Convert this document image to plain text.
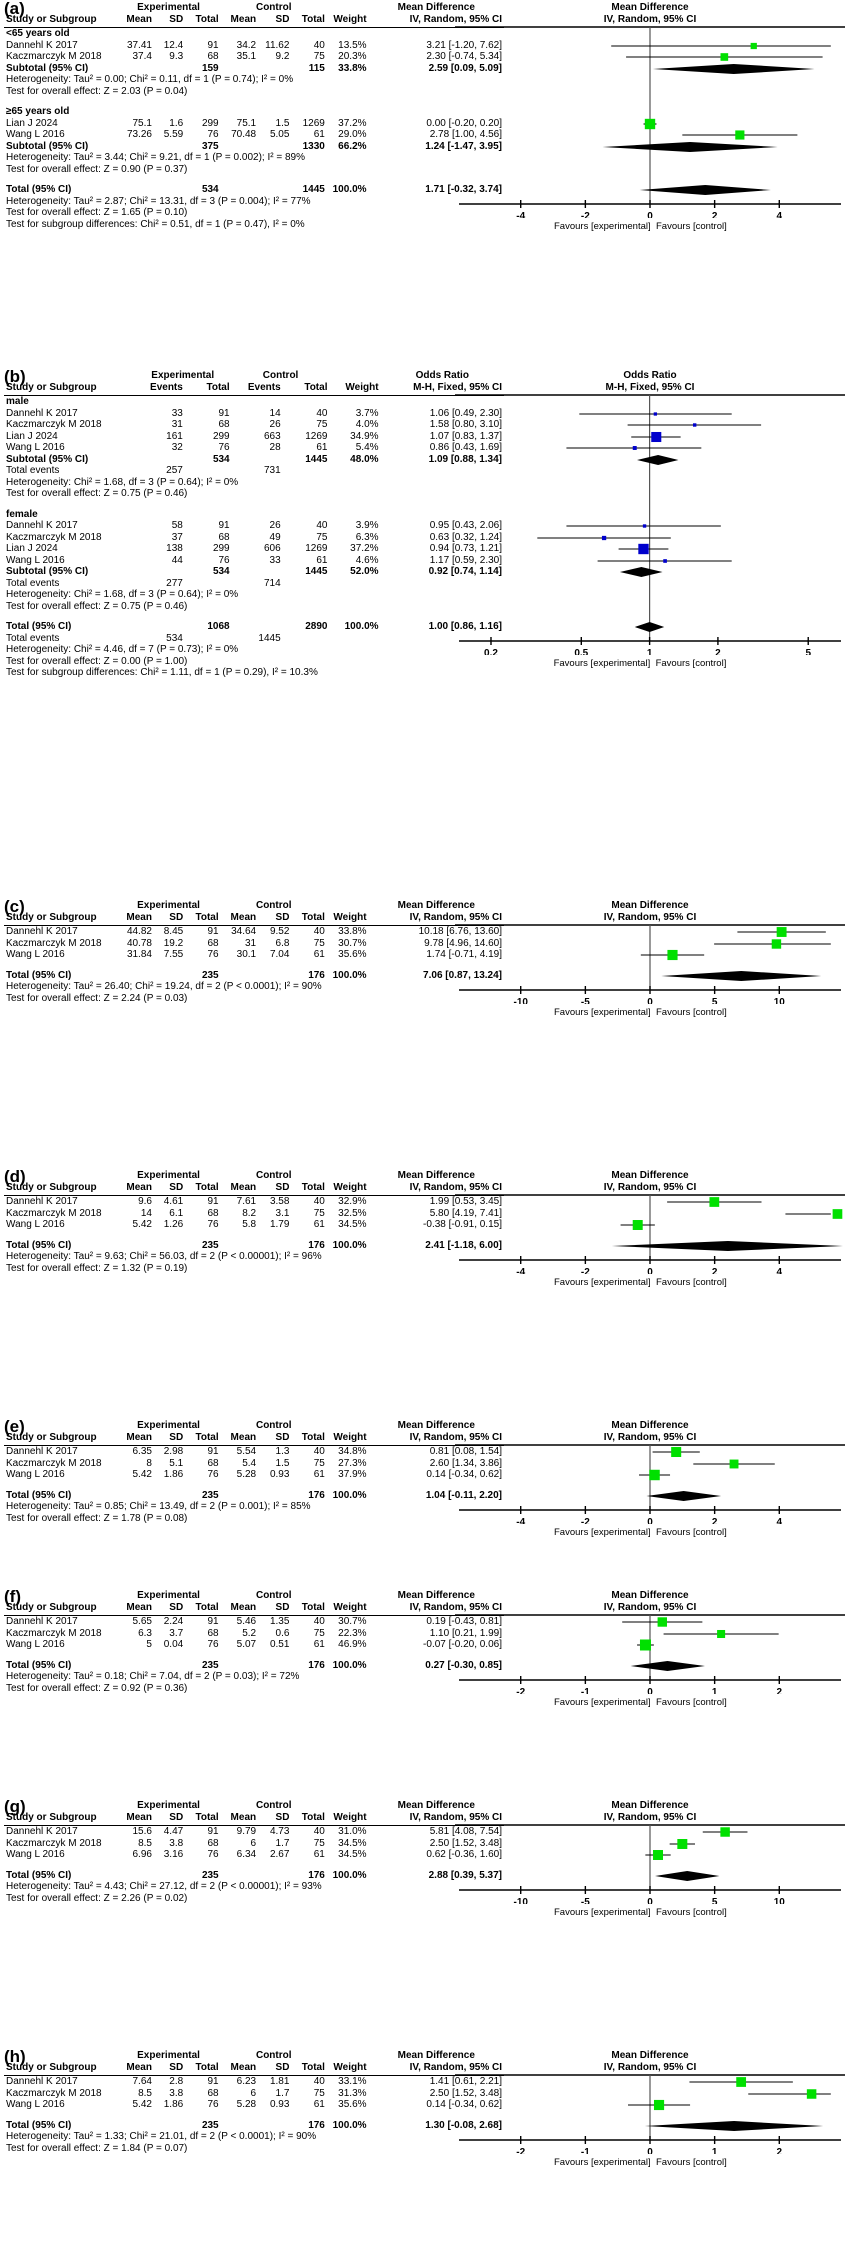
(a)
		Experimental			Control				Mean Difference
Study or Subgroup	Mean	SD	Total	Mean	SD	Total	Weight	IV, Random, 95% CI

<65 years old								
Dannehl K 2017	37.41	12.4	91	34.2	11.62	40	13.5%	3.21 [-1.20, 7.62]
Kaczmarczyk M 2018	37.4	9.3	68	35.1	9.2	75	20.3%	2.30 [-0.74, 5.34]
Subtotal (95% CI)			159			115	33.8%	2.59 [0.09, 5.09]
Heterogeneity: Tau² = 0.00; Chi² = 0.11, df = 1 (P = 0.74); I² = 0%								
Test for overall effect: Z = 2.03 (P = 0.04)								

≥65 years old								
Lian J 2024	75.1	1.6	299	75.1	1.5	1269	37.2%	0.00 [-0.20, 0.20]
Wang L 2016	73.26	5.59	76	70.48	5.05	61	29.0%	2.78 [1.00, 4.56]
Subtotal (95% CI)			375			1330	66.2%	1.24 [-1.47, 3.95]
Heterogeneity: Tau² = 3.44; Chi² = 9.21, df = 1 (P = 0.002); I² = 89%								
Test for overall effect: Z = 0.90 (P = 0.37)								

Total (95% CI)			534			1445	100.0%	1.71 [-0.32, 3.74]
Heterogeneity: Tau² = 2.87; Chi² = 13.31, df = 3 (P = 0.004); I² = 77%								
Test for overall effect: Z = 1.65 (P = 0.10)								
Test for subgroup differences: Chi² = 0.51, df = 1 (P = 0.47), I² = 0%								
Mean Difference
IV, Random, 95% CI
-4	-2	0	2	4
Favours [experimental] Favours [control]
(b)
		Experimental		Control			Odds Ratio
Study or Subgroup	Events	Total	Events	Total	Weight	M-H, Fixed, 95% CI

male						
Dannehl K 2017	33	91	14	40	3.7%	1.06 [0.49, 2.30]
Kaczmarczyk M 2018	31	68	26	75	4.0%	1.58 [0.80, 3.10]
Lian J 2024	161	299	663	1269	34.9%	1.07 [0.83, 1.37]
Wang L 2016	32	76	28	61	5.4%	0.86 [0.43, 1.69]
Subtotal (95% CI)		534		1445	48.0%	1.09 [0.88, 1.34]
Total events	257		731			
Heterogeneity: Chi² = 1.68, df = 3 (P = 0.64); I² = 0%						
Test for overall effect: Z = 0.75 (P = 0.46)						

female						
Dannehl K 2017	58	91	26	40	3.9%	0.95 [0.43, 2.06]
Kaczmarczyk M 2018	37	68	49	75	6.3%	0.63 [0.32, 1.24]
Lian J 2024	138	299	606	1269	37.2%	0.94 [0.73, 1.21]
Wang L 2016	44	76	33	61	4.6%	1.17 [0.59, 2.30]
Subtotal (95% CI)		534		1445	52.0%	0.92 [0.74, 1.14]
Total events	277		714			
Heterogeneity: Chi² = 1.68, df = 3 (P = 0.64); I² = 0%						
Test for overall effect: Z = 0.75 (P = 0.46)						

Total (95% CI)		1068		2890	100.0%	1.00 [0.86, 1.16]
Total events	534		1445			
Heterogeneity: Chi² = 4.46, df = 7 (P = 0.73); I² = 0%						
Test for overall effect: Z = 0.00 (P = 1.00)						
Test for subgroup differences: Chi² = 1.11, df = 1 (P = 0.29), I² = 10.3%						
Odds Ratio
M-H, Fixed, 95% CI
0.2	0.5	1	2	5
Favours [experimental] Favours [control]
(c)
		Experimental			Control				Mean Difference
Study or Subgroup	Mean	SD	Total	Mean	SD	Total	Weight	IV, Random, 95% CI

Dannehl K 2017	44.82	8.45	91	34.64	9.52	40	33.8%	10.18 [6.76, 13.60]
Kaczmarczyk M 2018	40.78	19.2	68	31	6.8	75	30.7%	9.78 [4.96, 14.60]
Wang L 2016	31.84	7.55	76	30.1	7.04	61	35.6%	1.74 [-0.71, 4.19]

Total (95% CI)			235			176	100.0%	7.06 [0.87, 13.24]
Heterogeneity: Tau² = 26.40; Chi² = 19.24, df = 2 (P < 0.0001); I² = 90%								
Test for overall effect: Z = 2.24 (P = 0.03)								
Mean Difference
IV, Random, 95% CI
-10	-5	0	5	10
Favours [experimental] Favours [control]
(d)
		Experimental			Control				Mean Difference
Study or Subgroup	Mean	SD	Total	Mean	SD	Total	Weight	IV, Random, 95% CI

Dannehl K 2017	9.6	4.61	91	7.61	3.58	40	32.9%	1.99 [0.53, 3.45]
Kaczmarczyk M 2018	14	6.1	68	8.2	3.1	75	32.5%	5.80 [4.19, 7.41]
Wang L 2016	5.42	1.26	76	5.8	1.79	61	34.5%	-0.38 [-0.91, 0.15]

Total (95% CI)			235			176	100.0%	2.41 [-1.18, 6.00]
Heterogeneity: Tau² = 9.63; Chi² = 56.03, df = 2 (P < 0.00001); I² = 96%								
Test for overall effect: Z = 1.32 (P = 0.19)								
Mean Difference
IV, Random, 95% CI
-4	-2	0	2	4
Favours [experimental] Favours [control]
(e)
		Experimental			Control				Mean Difference
Study or Subgroup	Mean	SD	Total	Mean	SD	Total	Weight	IV, Random, 95% CI

Dannehl K 2017	6.35	2.98	91	5.54	1.3	40	34.8%	0.81 [0.08, 1.54]
Kaczmarczyk M 2018	8	5.1	68	5.4	1.5	75	27.3%	2.60 [1.34, 3.86]
Wang L 2016	5.42	1.86	76	5.28	0.93	61	37.9%	0.14 [-0.34, 0.62]

Total (95% CI)			235			176	100.0%	1.04 [-0.11, 2.20]
Heterogeneity: Tau² = 0.85; Chi² = 13.49, df = 2 (P = 0.001); I² = 85%								
Test for overall effect: Z = 1.78 (P = 0.08)								
Mean Difference
IV, Random, 95% CI
-4	-2	0	2	4
Favours [experimental] Favours [control]
(f)
		Experimental			Control				Mean Difference
Study or Subgroup	Mean	SD	Total	Mean	SD	Total	Weight	IV, Random, 95% CI

Dannehl K 2017	5.65	2.24	91	5.46	1.35	40	30.7%	0.19 [-0.43, 0.81]
Kaczmarczyk M 2018	6.3	3.7	68	5.2	0.6	75	22.3%	1.10 [0.21, 1.99]
Wang L 2016	5	0.04	76	5.07	0.51	61	46.9%	-0.07 [-0.20, 0.06]

Total (95% CI)			235			176	100.0%	0.27 [-0.30, 0.85]
Heterogeneity: Tau² = 0.18; Chi² = 7.04, df = 2 (P = 0.03); I² = 72%								
Test for overall effect: Z = 0.92 (P = 0.36)								
Mean Difference
IV, Random, 95% CI
-2	-1	0	1	2
Favours [experimental] Favours [control]
(g)
		Experimental			Control				Mean Difference
Study or Subgroup	Mean	SD	Total	Mean	SD	Total	Weight	IV, Random, 95% CI

Dannehl K 2017	15.6	4.47	91	9.79	4.73	40	31.0%	5.81 [4.08, 7.54]
Kaczmarczyk M 2018	8.5	3.8	68	6	1.7	75	34.5%	2.50 [1.52, 3.48]
Wang L 2016	6.96	3.16	76	6.34	2.67	61	34.5%	0.62 [-0.36, 1.60]

Total (95% CI)			235			176	100.0%	2.88 [0.39, 5.37]
Heterogeneity: Tau² = 4.43; Chi² = 27.12, df = 2 (P < 0.00001); I² = 93%								
Test for overall effect: Z = 2.26 (P = 0.02)								
Mean Difference
IV, Random, 95% CI
-10	-5	0	5	10
Favours [experimental] Favours [control]
(h)
		Experimental			Control				Mean Difference
Study or Subgroup	Mean	SD	Total	Mean	SD	Total	Weight	IV, Random, 95% CI

Dannehl K 2017	7.64	2.8	91	6.23	1.81	40	33.1%	1.41 [0.61, 2.21]
Kaczmarczyk M 2018	8.5	3.8	68	6	1.7	75	31.3%	2.50 [1.52, 3.48]
Wang L 2016	5.42	1.86	76	5.28	0.93	61	35.6%	0.14 [-0.34, 0.62]

Total (95% CI)			235			176	100.0%	1.30 [-0.08, 2.68]
Heterogeneity: Tau² = 1.33; Chi² = 21.01, df = 2 (P < 0.0001); I² = 90%								
Test for overall effect: Z = 1.84 (P = 0.07)								
Mean Difference
IV, Random, 95% CI
-2	-1	0	1	2
Favours [experimental] Favours [control]
